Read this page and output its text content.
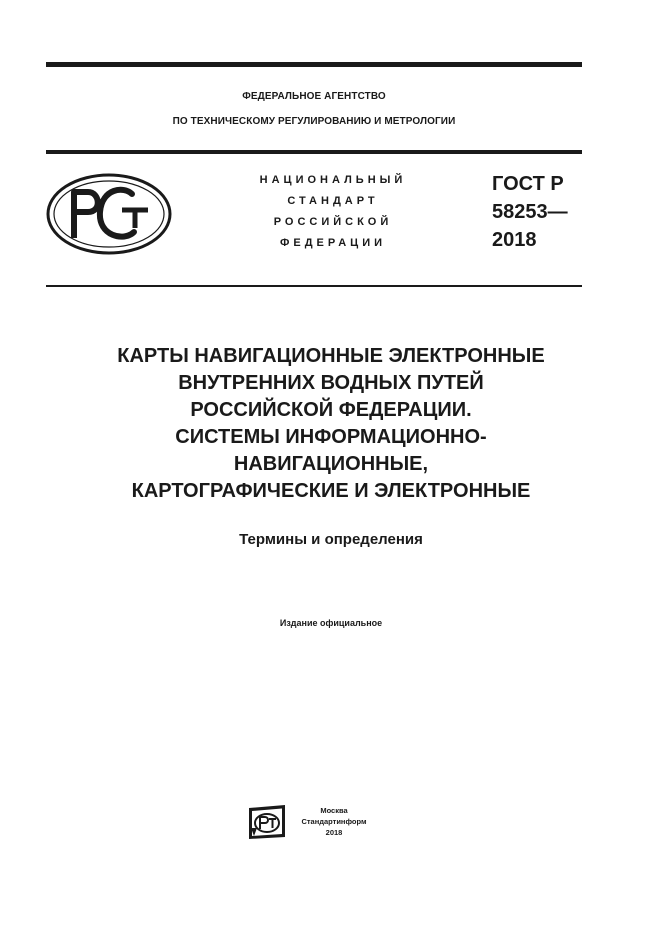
ФЕДЕРАЛЬНОЕ АГЕНТСТВО
ПО ТЕХНИЧЕСКОМУ РЕГУЛИРОВАНИЮ И МЕТРОЛОГИИ
НАЦИОНАЛЬНЫЙ
СТАНДАРТ
РОССИЙСКОЙ
ФЕДЕРАЦИИ
ГОСТ Р
58253—
2018
КАРТЫ НАВИГАЦИОННЫЕ ЭЛЕКТРОННЫЕ
ВНУТРЕННИХ ВОДНЫХ ПУТЕЙ
РОССИЙСКОЙ ФЕДЕРАЦИИ.
СИСТЕМЫ ИНФОРМАЦИОННО-
НАВИГАЦИОННЫЕ,
КАРТОГРАФИЧЕСКИЕ И ЭЛЕКТРОННЫЕ
Термины и определения
Издание официальное
Москва
Стандартинформ
2018
